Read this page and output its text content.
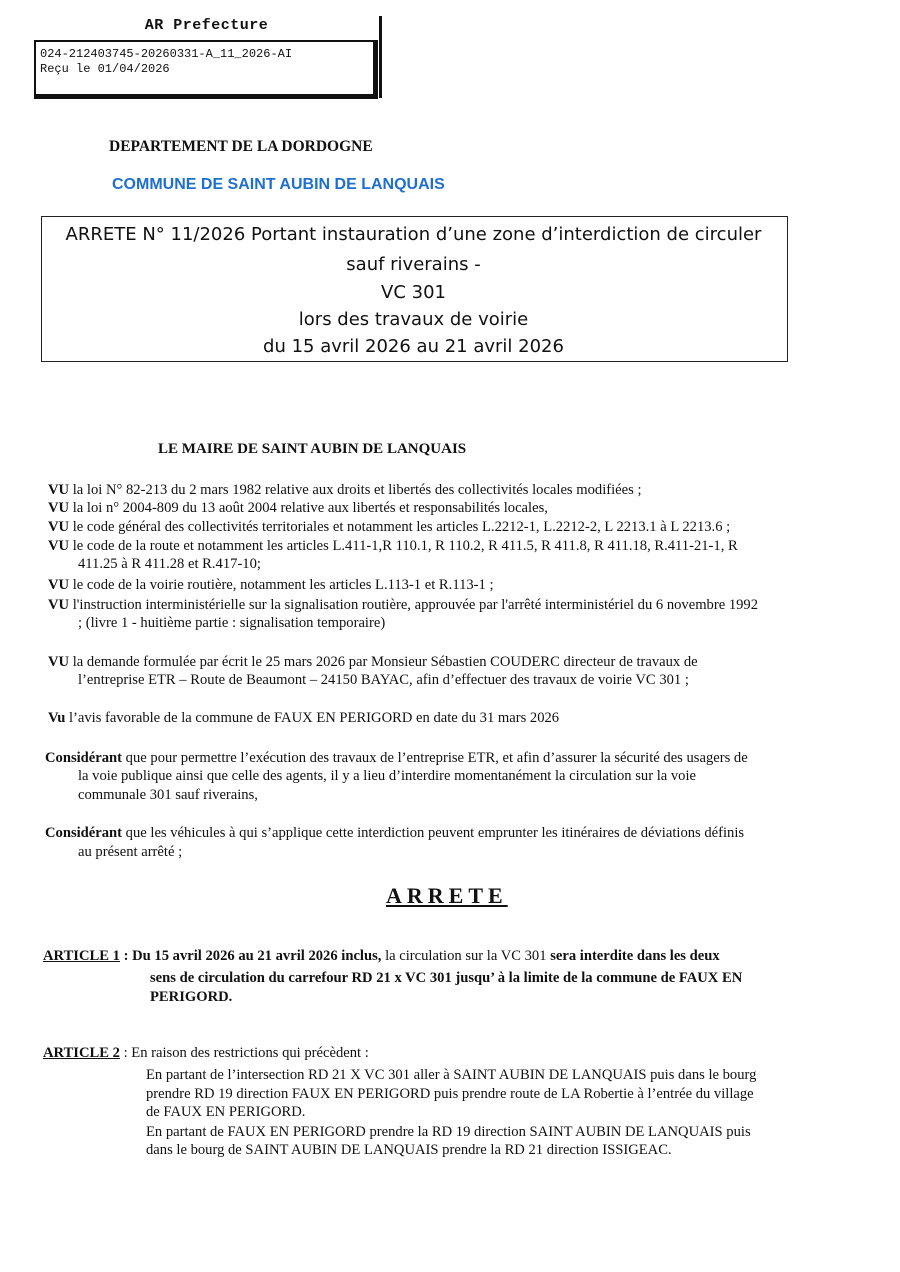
AR Prefecture
024-212403745-20260331-A_11_2026-AI
Reçu le 01/04/2026
DEPARTEMENT DE LA DORDOGNE
COMMUNE DE SAINT AUBIN DE LANQUAIS
ARRETE N° 11/2026 Portant instauration d’une zone d’interdiction de circuler
sauf riverains -
VC 301
lors des travaux de voirie
du 15 avril 2026 au 21 avril 2026
LE MAIRE DE SAINT AUBIN DE LANQUAIS
VU la loi N° 82-213 du 2 mars 1982 relative aux droits et libertés des collectivités locales modifiées ;
VU la loi n° 2004-809 du 13 août 2004 relative aux libertés et responsabilités locales,
VU le code général des collectivités territoriales et notamment les articles L.2212-1, L.2212-2, L 2213.1 à L 2213.6 ;
VU le code de la route et notamment les articles L.411-1,R 110.1, R 110.2, R 411.5, R 411.8, R 411.18, R.411-21-1, R
411.25 à R 411.28 et R.417-10;
VU le code de la voirie routière, notamment les articles L.113-1 et R.113-1 ;
VU l'instruction interministérielle sur la signalisation routière, approuvée par l'arrêté interministériel du 6 novembre 1992
; (livre 1 - huitième partie : signalisation temporaire)
VU la demande formulée par écrit le 25 mars 2026 par Monsieur Sébastien COUDERC directeur de travaux de
l’entreprise ETR – Route de Beaumont – 24150 BAYAC, afin d’effectuer des travaux de voirie VC 301 ;
Vu l’avis favorable de la commune de FAUX EN PERIGORD en date du 31 mars 2026
Considérant que pour permettre l’exécution des travaux de l’entreprise ETR, et afin d’assurer la sécurité des usagers de
la voie publique ainsi que celle des agents, il y a lieu d’interdire momentanément la circulation sur la voie
communale 301 sauf riverains,
Considérant que les véhicules à qui s’applique cette interdiction peuvent emprunter les itinéraires de déviations définis
au présent arrêté ;
ARRETE
ARTICLE 1 : Du 15 avril 2026 au 21 avril 2026 inclus, la circulation sur la VC 301 sera interdite dans les deux
sens de circulation du carrefour RD 21 x VC 301 jusqu’ à la limite de la commune de FAUX EN
PERIGORD.
ARTICLE 2 : En raison des restrictions qui précèdent :
En partant de l’intersection RD 21 X VC 301 aller à SAINT AUBIN DE LANQUAIS puis dans le bourg
prendre RD 19 direction FAUX EN PERIGORD puis prendre route de LA Robertie à l’entrée du village
de FAUX EN PERIGORD.
En partant de FAUX EN PERIGORD prendre la RD 19 direction SAINT AUBIN DE LANQUAIS puis
dans le bourg de SAINT AUBIN DE LANQUAIS prendre la RD 21 direction ISSIGEAC.
